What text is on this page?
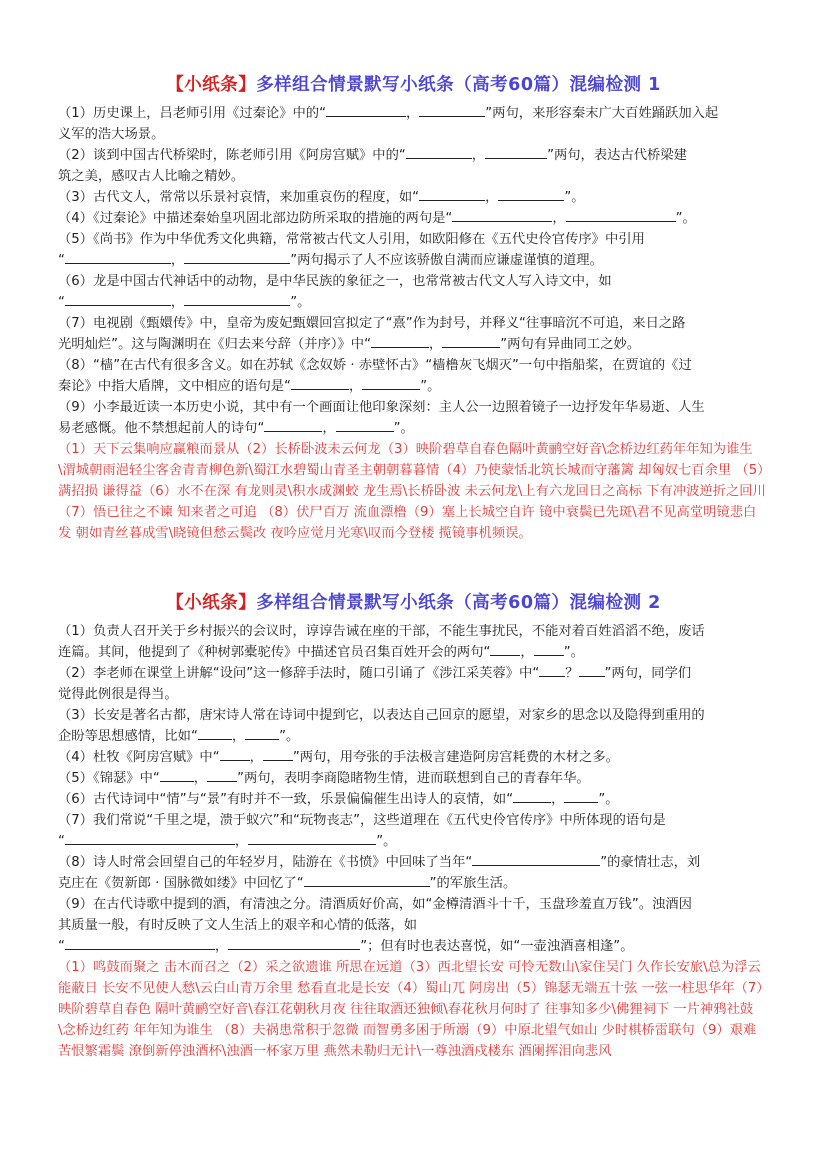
【小纸条】多样组合情景默写小纸条（高考60篇）混编检测 1
（1）历史课上，吕老师引用《过秦论》中的“	，	”两句，来形容秦末广大百姓踊跃加入起
义军的浩大场景。
（2）谈到中国古代桥梁时，陈老师引用《阿房宫赋》中的“	，	”两句，表达古代桥梁建
筑之美，感叹古人比喻之精妙。
（3）古代文人，常常以乐景衬哀情，来加重哀伤的程度，如“	，	”。
（4）《过秦论》中描述秦始皇巩固北部边防所采取的措施的两句是“	，	”。
（5）《尚书》作为中华优秀文化典籍，常常被古代文人引用，如欧阳修在《五代史伶官传序》中引用
“	，	”两句揭示了人不应该骄傲自满而应谦虚谨慎的道理。
（6）龙是中国古代神话中的动物，是中华民族的象征之一，也常常被古代文人写入诗文中，如
“	，	”。
（7）电视剧《甄嬛传》中，皇帝为废妃甄嬛回宫拟定了“熹”作为封号，并释义“往事暗沉不可追，来日之路
光明灿烂”。这与陶渊明在《归去来兮辞（并序）》中“	，	”两句有异曲同工之妙。
（8）“樯”在古代有很多含义。如在苏轼《念奴娇 · 赤壁怀古》“樯橹灰飞烟灭”一句中指船桨，在贾谊的《过
秦论》中指大盾牌，文中相应的语句是“	，	”。
（9）小李最近读一本历史小说，其中有一个画面让他印象深刻：主人公一边照着镜子一边抒发年华易逝、人生
易老感慨。他不禁想起前人的诗句“	，	”。
（1）天下云集响应赢粮而景从（2）长桥卧波未云何龙（3）映阶碧草自春色隔叶黄鹂空好音\念桥边红药年年知为谁生\渭城朝雨浥轻尘客舍青青柳色新\蜀江水碧蜀山青圣主朝朝暮暮情（4）乃使蒙恬北筑长城而守藩篱 却匈奴七百余里 （5）满招损 谦得益（6）水不在深 有龙则灵\积水成渊蛟 龙生焉\长桥卧波 未云何龙\上有六龙回日之高标 下有冲波逆折之回川（7）悟已往之不谏 知来者之可追 （8）伏尸百万 流血漂橹（9）塞上长城空自许 镜中衰鬓已先斑\君不见高堂明镜悲白发 朝如青丝暮成雪\晓镜但愁云鬓改 夜吟应觉月光寒\叹而今登楼 揽镜事机频误。
【小纸条】多样组合情景默写小纸条（高考60篇）混编检测 2
（1）负责人召开关于乡村振兴的会议时，谆谆告诫在座的干部，不能生事扰民，不能对着百姓滔滔不绝，废话
连篇。其间，他提到了《种树郭橐驼传》中描述官员召集百姓开会的两句“ ， ”。
（2）李老师在课堂上讲解“设问”这一修辞手法时，随口引诵了《涉江采芙蓉》中“ ？ ”两句，同学们
觉得此例很是得当。
（3）长安是著名古都，唐宋诗人常在诗词中提到它，以表达自己回京的愿望，对家乡的思念以及隐得到重用的
企盼等思想感情，比如“	，	”。
（4）杜牧《阿房宫赋》中“ ， ”两句，用夸张的手法极言建造阿房宫耗费的木材之多。
（5）《锦瑟》中“	， ”两句，表明李商隐睹物生情，进而联想到自己的青春年华。
（6）古代诗词中“情”与“景”有时并不一致，乐景偏偏催生出诗人的哀情，如“	，	”。
（7）我们常说“千里之堤，溃于蚁穴”和“玩物丧志”，这些道理在《五代史伶官传序》中所体现的语句是
“	，	”。
（8）诗人时常会回望自己的年轻岁月，陆游在《书愤》中回味了当年“	”的豪情壮志，刘
克庄在《贺新郎 · 国脉微如缕》中回忆了“	”的军旅生活。
（9）在古代诗歌中提到的酒，有清浊之分。清酒质好价高，如“金樽清酒斗十千，玉盘珍羞直万钱”。浊酒因
其质量一般，有时反映了文人生活上的艰辛和心情的低落，如
“	，	”；但有时也表达喜悦，如“一壶浊酒喜相逢”。
（1）鸣鼓而聚之 击木而召之（2）采之欲遗谁 所思在远道（3）西北望长安 可怜无数山\家住吴门 久作长安旅\总为浮云能蔽日 长安不见使人愁\云白山青万余里 愁看直北是长安（4）蜀山兀 阿房出（5）锦瑟无端五十弦 一弦一柱思华年（7）映阶碧草自春色 隔叶黄鹂空好音\春江花朝秋月夜 往往取酒还独倾\春花秋月何时了 往事知多少\佛狸祠下 一片神鸦社鼓\念桥边红药 年年知为谁生 （8）夫祸患常积于忽微 而智勇多困于所溺（9）中原北望气如山 少时棋桥雷联句（9）艰难苦恨繁霜鬓 潦倒新停浊酒杯\浊酒一杯家万里 燕然未勒归无计\一尊浊酒戍楼东 酒阑挥泪向悲风
